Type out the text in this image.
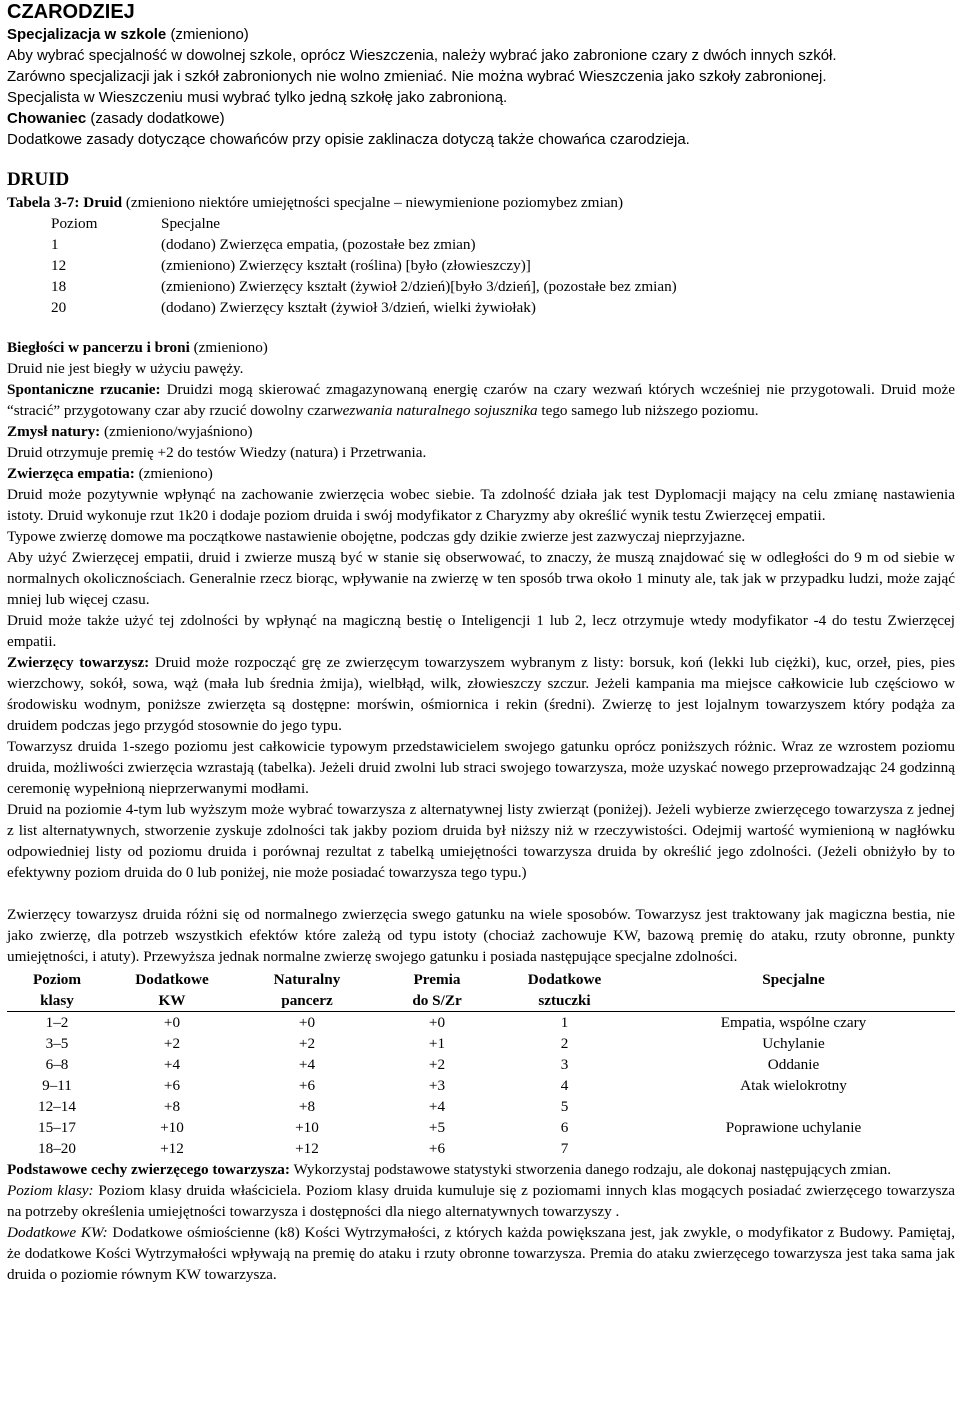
CZARODZIEJ
Specjalizacja w szkole (zmieniono)
Aby wybrać specjalność w dowolnej szkole, oprócz Wieszczenia, należy wybrać jako zabronione czary z dwóch innych szkół.
Zarówno specjalizacji jak i szkół zabronionych nie wolno zmieniać. Nie można wybrać Wieszczenia jako szkoły zabronionej.
Specjalista w Wieszczeniu musi wybrać tylko jedną szkołę jako zabronioną.
Chowaniec (zasady dodatkowe)
Dodatkowe zasady dotyczące chowańców przy opisie zaklinacza dotyczą także chowańca czarodzieja.
DRUID
Tabela 3-7: Druid (zmieniono niektóre umiejętności specjalne – niewymienione poziomybez zmian)
Poziom	Specjalne
1	(dodano) Zwierzęca empatia, (pozostałe bez zmian)
12	(zmieniono) Zwierzęcy kształt (roślina) [było (złowieszczy)]
18	(zmieniono) Zwierzęcy kształt (żywioł 2/dzień)[było 3/dzień], (pozostałe bez zmian)
20	(dodano) Zwierzęcy kształt (żywioł 3/dzień, wielki żywiołak)
Biegłości w pancerzu i broni (zmieniono)
Druid nie jest biegły w użyciu pawęży.
Spontaniczne rzucanie: Druidzi mogą skierować zmagazynowaną energię czarów na czary wezwań których wcześniej nie przygotowali. Druid może “stracić” przygotowany czar aby rzucić dowolny czarwezwania naturalnego sojusznika tego samego lub niższego poziomu.
Zmysł natury: (zmieniono/wyjaśniono)
Druid otrzymuje premię +2 do testów Wiedzy (natura) i Przetrwania.
Zwierzęca empatia: (zmieniono)
Druid może pozytywnie wpłynąć na zachowanie zwierzęcia wobec siebie. Ta zdolność działa jak test Dyplomacji mający na celu zmianę nastawienia istoty. Druid wykonuje rzut 1k20 i dodaje poziom druida i swój modyfikator z Charyzmy aby określić wynik testu Zwierzęcej empatii.
Typowe zwierzę domowe ma początkowe nastawienie obojętne, podczas gdy dzikie zwierze jest zazwyczaj nieprzyjazne.
Aby użyć Zwierzęcej empatii, druid i zwierze muszą być w stanie się obserwować, to znaczy, że muszą znajdować się w odległości do 9 m od siebie w normalnych okolicznościach. Generalnie rzecz biorąc, wpływanie na zwierzę w ten sposób trwa około 1 minuty ale, tak jak w przypadku ludzi, może zająć mniej lub więcej czasu.
Druid może także użyć tej zdolności by wpłynąć na magiczną bestię o Inteligencji 1 lub 2, lecz otrzymuje wtedy modyfikator -4 do testu Zwierzęcej empatii.
Zwierzęcy towarzysz: Druid może rozpocząć grę ze zwierzęcym towarzyszem wybranym z listy: borsuk, koń (lekki lub ciężki), kuc, orzeł, pies, pies wierzchowy, sokół, sowa, wąż (mała lub średnia żmija), wielbłąd, wilk, złowieszczy szczur. Jeżeli kampania ma miejsce całkowicie lub częściowo w środowisku wodnym, poniższe zwierzęta są dostępne: morświn, ośmiornica i rekin (średni). Zwierzę to jest lojalnym towarzyszem który podąża za druidem podczas jego przygód stosownie do jego typu.
Towarzysz druida 1-szego poziomu jest całkowicie typowym przedstawicielem swojego gatunku oprócz poniższych różnic. Wraz ze wzrostem poziomu druida, możliwości zwierzęcia wzrastają (tabelka). Jeżeli druid zwolni lub straci swojego towarzysza, może uzyskać nowego przeprowadzając 24 godzinną ceremonię wypełnioną nieprzerwanymi modłami.
Druid na poziomie 4-tym lub wyższym może wybrać towarzysza z alternatywnej listy zwierząt (poniżej). Jeżeli wybierze zwierzęcego towarzysza z jednej z list alternatywnych, stworzenie zyskuje zdolności tak jakby poziom druida był niższy niż w rzeczywistości. Odejmij wartość wymienioną w nagłówku odpowiedniej listy od poziomu druida i porównaj rezultat z tabelką umiejętności towarzysza druida by określić jego zdolności. (Jeżeli obniżyło by to efektywny poziom druida do 0 lub poniżej, nie może posiadać towarzysza tego typu.)
Zwierzęcy towarzysz druida różni się od normalnego zwierzęcia swego gatunku na wiele sposobów. Towarzysz jest traktowany jak magiczna bestia, nie jako zwierzę, dla potrzeb wszystkich efektów które zależą od typu istoty (chociaż zachowuje KW, bazową premię do ataku, rzuty obronne, punkty umiejętności, i atuty). Przewyższa jednak normalne zwierzę swojego gatunku i posiada następujące specjalne zdolności.
Poziom	Dodatkowe	Naturalny	Premia	Dodatkowe	Specjalne
klasy	KW	pancerz	do S/Zr	sztuczki	
1–2	+0	+0	+0	1	Empatia, wspólne czary
3–5	+2	+2	+1	2	Uchylanie
6–8	+4	+4	+2	3	Oddanie
9–11	+6	+6	+3	4	Atak wielokrotny
12–14	+8	+8	+4	5	
15–17	+10	+10	+5	6	Poprawione uchylanie
18–20	+12	+12	+6	7	
Podstawowe cechy zwierzęcego towarzysza: Wykorzystaj podstawowe statystyki stworzenia danego rodzaju, ale dokonaj następujących zmian.
Poziom klasy: Poziom klasy druida właściciela. Poziom klasy druida kumuluje się z poziomami innych klas mogących posiadać zwierzęcego towarzysza na potrzeby określenia umiejętności towarzysza i dostępności dla niego alternatywnych towarzyszy .
Dodatkowe KW: Dodatkowe ośmiościenne (k8) Kości Wytrzymałości, z których każda powiększana jest, jak zwykle, o modyfikator z Budowy. Pamiętaj, że dodatkowe Kości Wytrzymałości wpływają na premię do ataku i rzuty obronne towarzysza. Premia do ataku zwierzęcego towarzysza jest taka sama jak druida o poziomie równym KW towarzysza.
